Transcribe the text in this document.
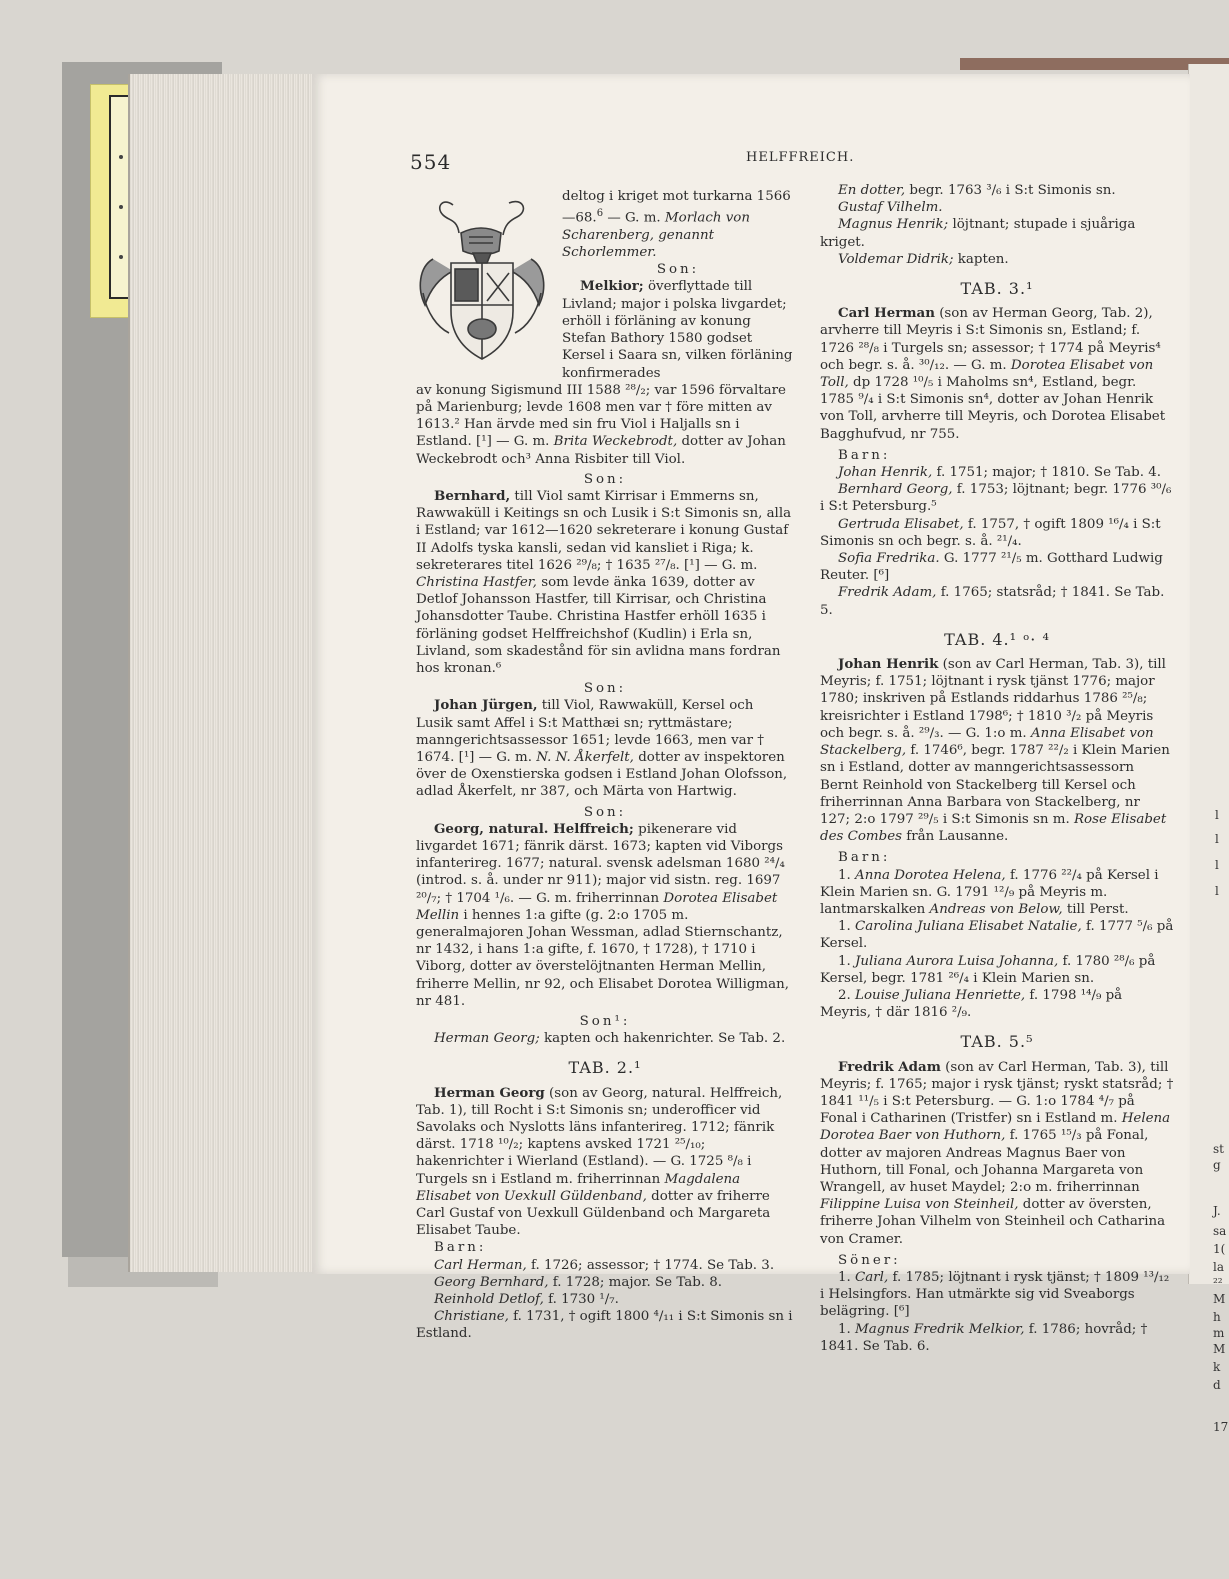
l
l
l
l
st
g
J.
sa
1(
la
²²
M
h
m
M
k
d
17
554	HELFFREICH.

deltog i kriget mot turkarna 1566—68.$^6$ — G. m. Morlach von Scharenberg, genannt Schorlemmer.

Son:

Melkior; överflyttade till Livland; major i polska livgardet; erhöll i förläning av konung Stefan Bathory 1580 godset Kersel i Saara sn, vilken förläning konfirmerades

av konung Sigismund III 1588 ²⁸/₂; var 1596 förvaltare på Marienburg; levde 1608 men var † före mitten av 1613.² Han ärvde med sin fru Viol i Haljalls sn i Estland. [¹] — G. m. Brita Weckebrodt, dotter av Johan Weckebrodt och³ Anna Risbiter till Viol.

Son:

Bernhard, till Viol samt Kirrisar i Emmerns sn, Rawwaküll i Keitings sn och Lusik i S:t Simonis sn, alla i Estland; var 1612—1620 sekreterare i konung Gustaf II Adolfs tyska kansli, sedan vid kansliet i Riga; k. sekreterares titel 1626 ²⁹/₈; † 1635 ²⁷/₈. [¹] — G. m. Christina Hastfer, som levde änka 1639, dotter av Detlof Johansson Hastfer, till Kirrisar, och Christina Johansdotter Taube. Christina Hastfer erhöll 1635 i förläning godset Helffreichshof (Kudlin) i Erla sn, Livland, som skadestånd för sin avlidna mans fordran hos kronan.⁶

Son:

Johan Jürgen, till Viol, Rawwaküll, Kersel och Lusik samt Affel i S:t Matthæi sn; ryttmästare; manngerichtsassessor 1651; levde 1663, men var † 1674. [¹] — G. m. N. N. Åkerfelt, dotter av inspektoren över de Oxenstierska godsen i Estland Johan Olofsson, adlad Åkerfelt, nr 387, och Märta von Hartwig.

Son:

Georg, natural. Helffreich; pikenerare vid livgardet 1671; fänrik därst. 1673; kapten vid Viborgs infanterireg. 1677; natural. svensk adelsman 1680 ²⁴/₄ (introd. s. å. under nr 911); major vid sistn. reg. 1697 ²⁰/₇; † 1704 ¹/₆. — G. m. friherrinnan Dorotea Elisabet Mellin i hennes 1:a gifte (g. 2:o 1705 m. generalmajoren Johan Wessman, adlad Stiernschantz, nr 1432, i hans 1:a gifte, f. 1670, † 1728), † 1710 i Viborg, dotter av överstelöjtnanten Herman Mellin, friherre Mellin, nr 92, och Elisabet Dorotea Willigman, nr 481.

Son¹:

Herman Georg; kapten och hakenrichter. Se Tab. 2.

TAB. 2.¹

Herman Georg (son av Georg, natural. Helffreich, Tab. 1), till Rocht i S:t Simonis sn; underofficer vid Savolaks och Nyslotts läns infanterireg. 1712; fänrik därst. 1718 ¹⁰/₂; kaptens avsked 1721 ²⁵/₁₀; hakenrichter i Wierland (Estland). — G. 1725 ⁸/₈ i Turgels sn i Estland m. friherrinnan Magdalena Elisabet von Uexkull Güldenband, dotter av friherre Carl Gustaf von Uexkull Güldenband och Margareta Elisabet Taube.

Barn:

Carl Herman, f. 1726; assessor; † 1774. Se Tab. 3.

Georg Bernhard, f. 1728; major. Se Tab. 8.

Reinhold Detlof, f. 1730 ¹/₇.

Christiane, f. 1731, † ogift 1800 ⁴/₁₁ i S:t Simonis sn i Estland.

En dotter, begr. 1763 ³/₆ i S:t Simonis sn.

Gustaf Vilhelm.

Magnus Henrik; löjtnant; stupade i sjuåriga kriget.

Voldemar Didrik; kapten.

TAB. 3.¹

Carl Herman (son av Herman Georg, Tab. 2), arvherre till Meyris i S:t Simonis sn, Estland; f. 1726 ²⁸/₈ i Turgels sn; assessor; † 1774 på Meyris⁴ och begr. s. å. ³⁰/₁₂. — G. m. Dorotea Elisabet von Toll, dp 1728 ¹⁰/₅ i Maholms sn⁴, Estland, begr. 1785 ⁹/₄ i S:t Simonis sn⁴, dotter av Johan Henrik von Toll, arvherre till Meyris, och Dorotea Elisabet Bagghufvud, nr 755.

Barn:

Johan Henrik, f. 1751; major; † 1810. Se Tab. 4.

Bernhard Georg, f. 1753; löjtnant; begr. 1776 ³⁰/₆ i S:t Petersburg.⁵

Gertruda Elisabet, f. 1757, † ogift 1809 ¹⁶/₄ i S:t Simonis sn och begr. s. å. ²¹/₄.

Sofia Fredrika. G. 1777 ²¹/₅ m. Gotthard Ludwig Reuter. [⁶]

Fredrik Adam, f. 1765; statsråd; † 1841. Se Tab. 5.

TAB. 4.¹ ᵒ· ⁴

Johan Henrik (son av Carl Herman, Tab. 3), till Meyris; f. 1751; löjtnant i rysk tjänst 1776; major 1780; inskriven på Estlands riddarhus 1786 ²⁵/₈; kreisrichter i Estland 1798⁶; † 1810 ³/₂ på Meyris och begr. s. å. ²⁹/₃. — G. 1:o m. Anna Elisabet von Stackelberg, f. 1746⁶, begr. 1787 ²²/₂ i Klein Marien sn i Estland, dotter av manngerichtsassessorn Bernt Reinhold von Stackelberg till Kersel och friherrinnan Anna Barbara von Stackelberg, nr 127; 2:o 1797 ²⁹/₅ i S:t Simonis sn m. Rose Elisabet des Combes från Lausanne.

Barn:

1. Anna Dorotea Helena, f. 1776 ²²/₄ på Kersel i Klein Marien sn. G. 1791 ¹²/₉ på Meyris m. lantmarskalken Andreas von Below, till Perst.

1. Carolina Juliana Elisabet Natalie, f. 1777 ⁵/₆ på Kersel.

1. Juliana Aurora Luisa Johanna, f. 1780 ²⁸/₆ på Kersel, begr. 1781 ²⁶/₄ i Klein Marien sn.

2. Louise Juliana Henriette, f. 1798 ¹⁴/₉ på Meyris, † där 1816 ²/₉.

TAB. 5.⁵

Fredrik Adam (son av Carl Herman, Tab. 3), till Meyris; f. 1765; major i rysk tjänst; ryskt statsråd; † 1841 ¹¹/₅ i S:t Petersburg. — G. 1:o 1784 ⁴/₇ på Fonal i Catharinen (Tristfer) sn i Estland m. Helena Dorotea Baer von Huthorn, f. 1765 ¹⁵/₃ på Fonal, dotter av majoren Andreas Magnus Baer von Huthorn, till Fonal, och Johanna Margareta von Wrangell, av huset Maydel; 2:o m. friherrinnan Filippine Luisa von Steinheil, dotter av översten, friherre Johan Vilhelm von Steinheil och Catharina von Cramer.

Söner:

1. Carl, f. 1785; löjtnant i rysk tjänst; † 1809 ¹³/₁₂ i Helsingfors. Han utmärkte sig vid Sveaborgs belägring. [⁶]

1. Magnus Fredrik Melkior, f. 1786; hovråd; † 1841. Se Tab. 6.
